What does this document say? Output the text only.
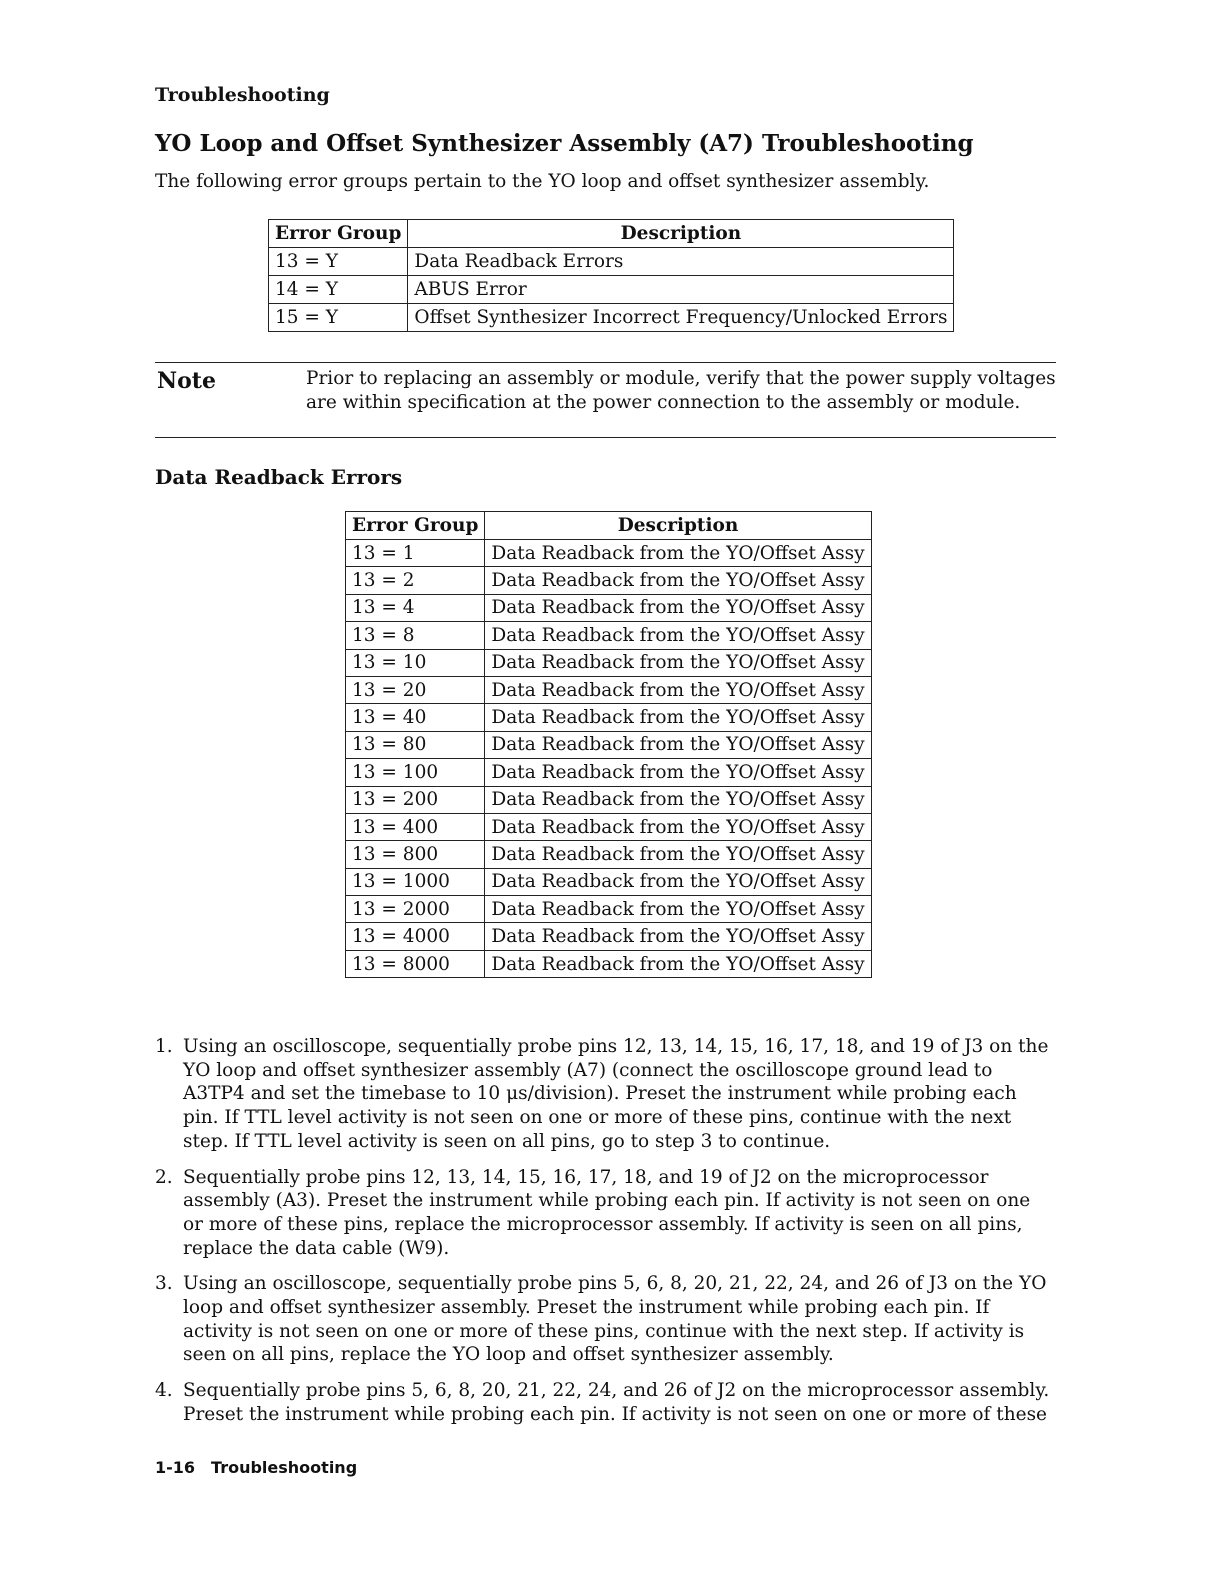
Troubleshooting
YO Loop and Offset Synthesizer Assembly (A7) Troubleshooting
The following error groups pertain to the YO loop and offset synthesizer assembly.
Error Group	Description
13 = Y	Data Readback Errors
14 = Y	ABUS Error
15 = Y	Offset Synthesizer Incorrect Frequency/Unlocked Errors
Note	Prior to replacing an assembly or module, verify that the power supply voltages are within specification at the power connection to the assembly or module.
Data Readback Errors
Error Group	Description
13 = 1	Data Readback from the YO/Offset Assy
13 = 2	Data Readback from the YO/Offset Assy
13 = 4	Data Readback from the YO/Offset Assy
13 = 8	Data Readback from the YO/Offset Assy
13 = 10	Data Readback from the YO/Offset Assy
13 = 20	Data Readback from the YO/Offset Assy
13 = 40	Data Readback from the YO/Offset Assy
13 = 80	Data Readback from the YO/Offset Assy
13 = 100	Data Readback from the YO/Offset Assy
13 = 200	Data Readback from the YO/Offset Assy
13 = 400	Data Readback from the YO/Offset Assy
13 = 800	Data Readback from the YO/Offset Assy
13 = 1000	Data Readback from the YO/Offset Assy
13 = 2000	Data Readback from the YO/Offset Assy
13 = 4000	Data Readback from the YO/Offset Assy
13 = 8000	Data Readback from the YO/Offset Assy
1. Using an oscilloscope, sequentially probe pins 12, 13, 14, 15, 16, 17, 18, and 19 of J3 on the YO loop and offset synthesizer assembly (A7) (connect the oscilloscope ground lead to A3TP4 and set the timebase to 10 μs/division). Preset the instrument while probing each pin. If TTL level activity is not seen on one or more of these pins, continue with the next step. If TTL level activity is seen on all pins, go to step 3 to continue.
2. Sequentially probe pins 12, 13, 14, 15, 16, 17, 18, and 19 of J2 on the microprocessor assembly (A3). Preset the instrument while probing each pin. If activity is not seen on one or more of these pins, replace the microprocessor assembly. If activity is seen on all pins, replace the data cable (W9).
3. Using an oscilloscope, sequentially probe pins 5, 6, 8, 20, 21, 22, 24, and 26 of J3 on the YO loop and offset synthesizer assembly. Preset the instrument while probing each pin. If activity is not seen on one or more of these pins, continue with the next step. If activity is seen on all pins, replace the YO loop and offset synthesizer assembly.
4. Sequentially probe pins 5, 6, 8, 20, 21, 22, 24, and 26 of J2 on the microprocessor assembly. Preset the instrument while probing each pin. If activity is not seen on one or more of these
1-16 Troubleshooting
